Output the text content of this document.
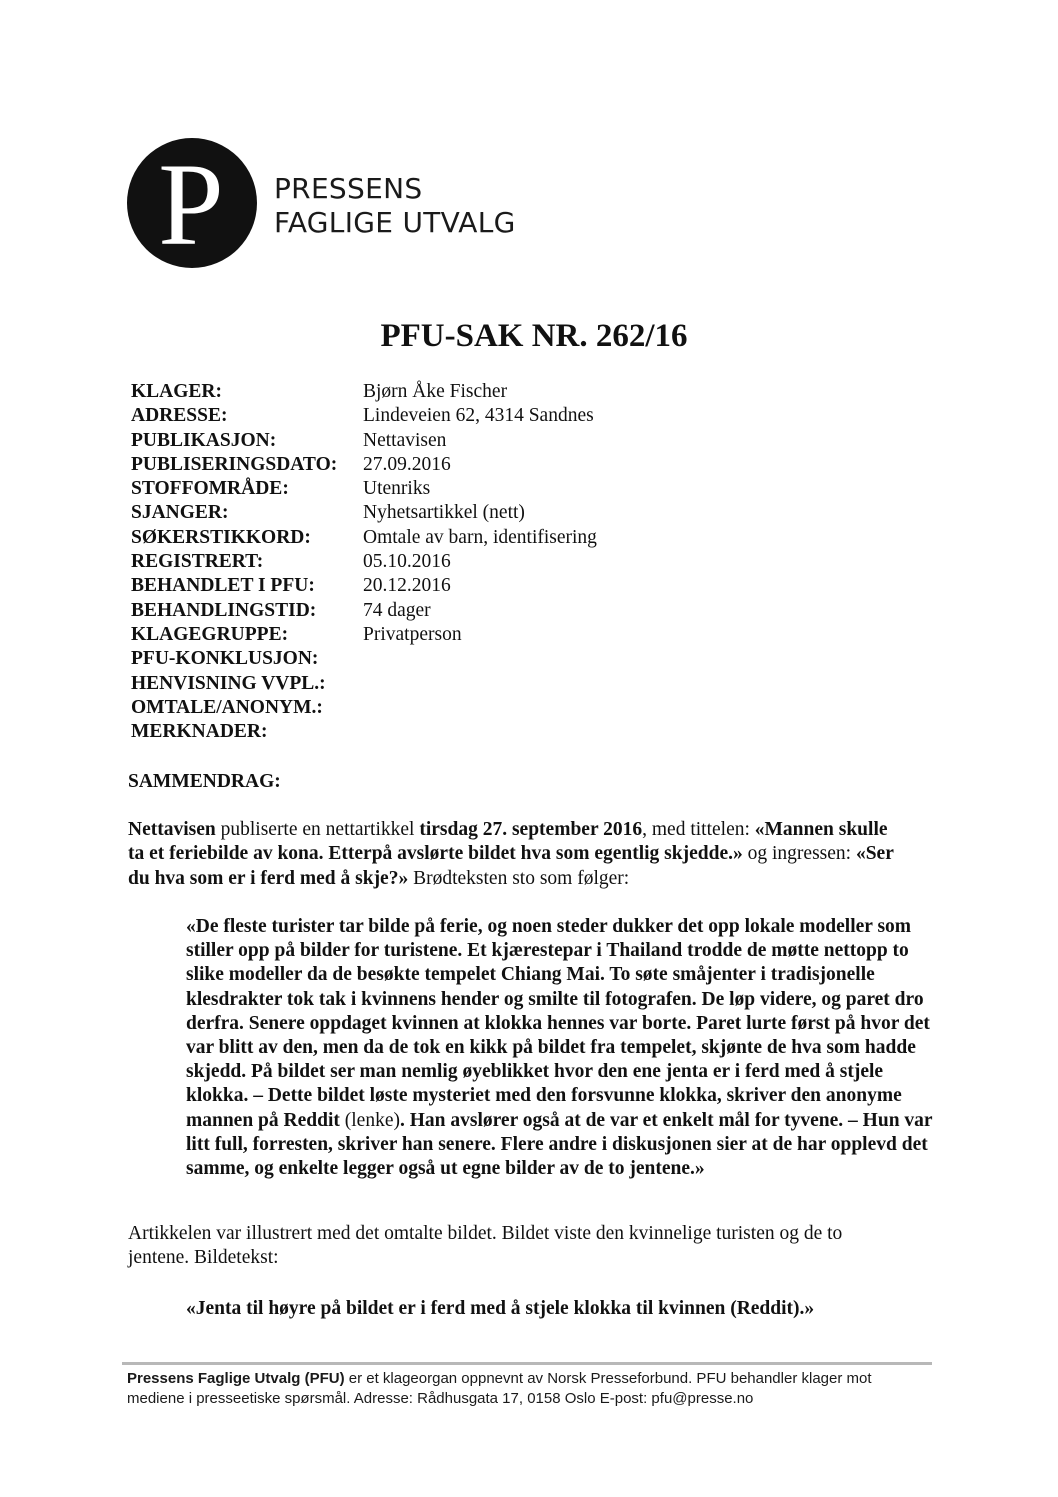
P PRESSENS
FAGLIGE UTVALG
PFU-SAK NR. 262/16
KLAGER:	Bjørn Åke Fischer
ADRESSE:	Lindeveien 62, 4314 Sandnes
PUBLIKASJON:	Nettavisen
PUBLISERINGSDATO:	27.09.2016
STOFFOMRÅDE:	Utenriks
SJANGER:	Nyhetsartikkel (nett)
SØKERSTIKKORD:	Omtale av barn, identifisering
REGISTRERT:	05.10.2016
BEHANDLET I PFU:	20.12.2016
BEHANDLINGSTID:	74 dager
KLAGEGRUPPE:	Privatperson
PFU-KONKLUSJON:
HENVISNING VVPL.:
OMTALE/ANONYM.:
MERKNADER:
SAMMENDRAG:
Nettavisen publiserte en nettartikkel tirsdag 27. september 2016, med tittelen: «Mannen skulle ta et feriebilde av kona. Etterpå avslørte bildet hva som egentlig skjedde.» og ingressen: «Ser du hva som er i ferd med å skje?» Brødteksten sto som følger:
«De fleste turister tar bilde på ferie, og noen steder dukker det opp lokale modeller som stiller opp på bilder for turistene. Et kjærestepar i Thailand trodde de møtte nettopp to slike modeller da de besøkte tempelet Chiang Mai. To søte småjenter i tradisjonelle klesdrakter tok tak i kvinnens hender og smilte til fotografen. De løp videre, og paret dro derfra. Senere oppdaget kvinnen at klokka hennes var borte. Paret lurte først på hvor det var blitt av den, men da de tok en kikk på bildet fra tempelet, skjønte de hva som hadde skjedd. På bildet ser man nemlig øyeblikket hvor den ene jenta er i ferd med å stjele klokka. – Dette bildet løste mysteriet med den forsvunne klokka, skriver den anonyme mannen på Reddit (lenke). Han avslører også at de var et enkelt mål for tyvene. – Hun var litt full, forresten, skriver han senere. Flere andre i diskusjonen sier at de har opplevd det samme, og enkelte legger også ut egne bilder av de to jentene.»
Artikkelen var illustrert med det omtalte bildet. Bildet viste den kvinnelige turisten og de to jentene. Bildetekst:
«Jenta til høyre på bildet er i ferd med å stjele klokka til kvinnen (Reddit).»
Pressens Faglige Utvalg (PFU) er et klageorgan oppnevnt av Norsk Presseforbund. PFU behandler klager mot mediene i presseetiske spørsmål. Adresse: Rådhusgata 17, 0158 Oslo E-post: pfu@presse.no
